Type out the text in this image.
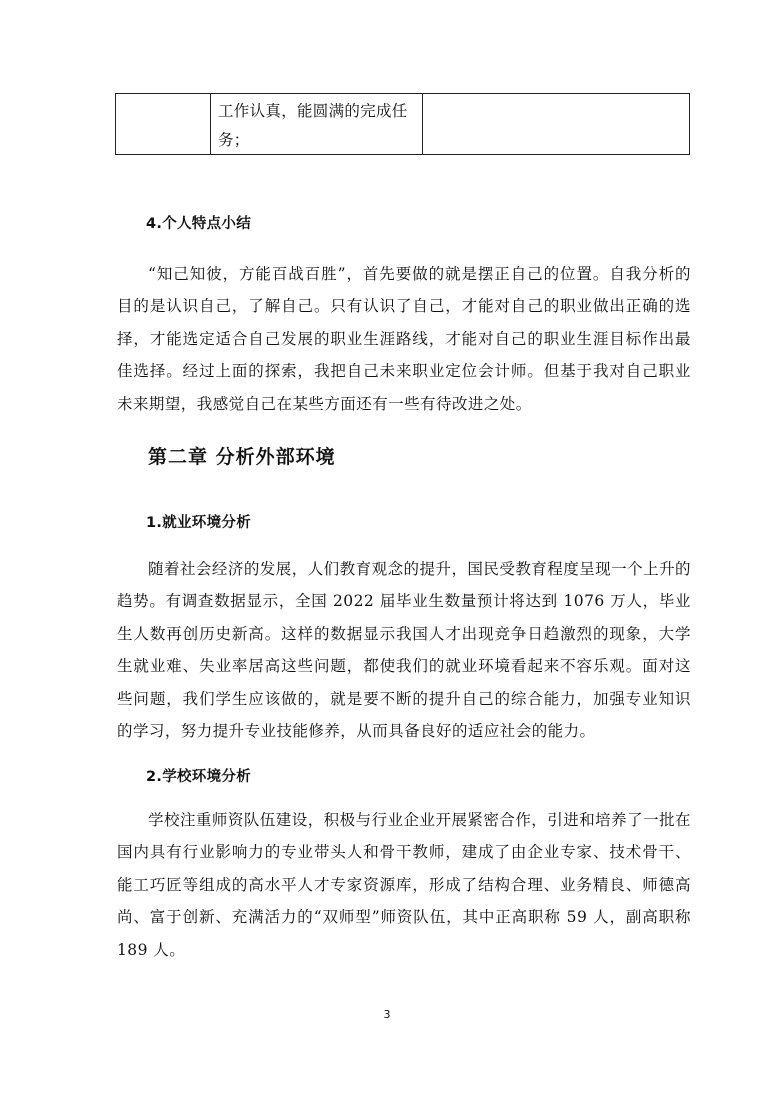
工作认真，能圆满的完成任务；

4.个人特点小结

“知己知彼，方能百战百胜”，首先要做的就是摆正自己的位置。自我分析的目的是认识自己，了解自己。只有认识了自己，才能对自己的职业做出正确的选择，才能选定适合自己发展的职业生涯路线，才能对自己的职业生涯目标作出最佳选择。经过上面的探索，我把自己未来职业定位会计师。但基于我对自己职业未来期望，我感觉自己在某些方面还有一些有待改进之处。

第二章 分析外部环境
1.就业环境分析

随着社会经济的发展，人们教育观念的提升，国民受教育程度呈现一个上升的趋势。有调查数据显示，全国 2022 届毕业生数量预计将达到 1076 万人，毕业生人数再创历史新高。这样的数据显示我国人才出现竞争日趋激烈的现象，大学生就业难、失业率居高这些问题，都使我们的就业环境看起来不容乐观。面对这些问题，我们学生应该做的，就是要不断的提升自己的综合能力，加强专业知识的学习，努力提升专业技能修养，从而具备良好的适应社会的能力。

2.学校环境分析

学校注重师资队伍建设，积极与行业企业开展紧密合作，引进和培养了一批在国内具有行业影响力的专业带头人和骨干教师，建成了由企业专家、技术骨干、能工巧匠等组成的高水平人才专家资源库，形成了结构合理、业务精良、师德高尚、富于创新、充满活力的“双师型”师资队伍，其中正高职称 59 人，副高职称 189 人。

3
